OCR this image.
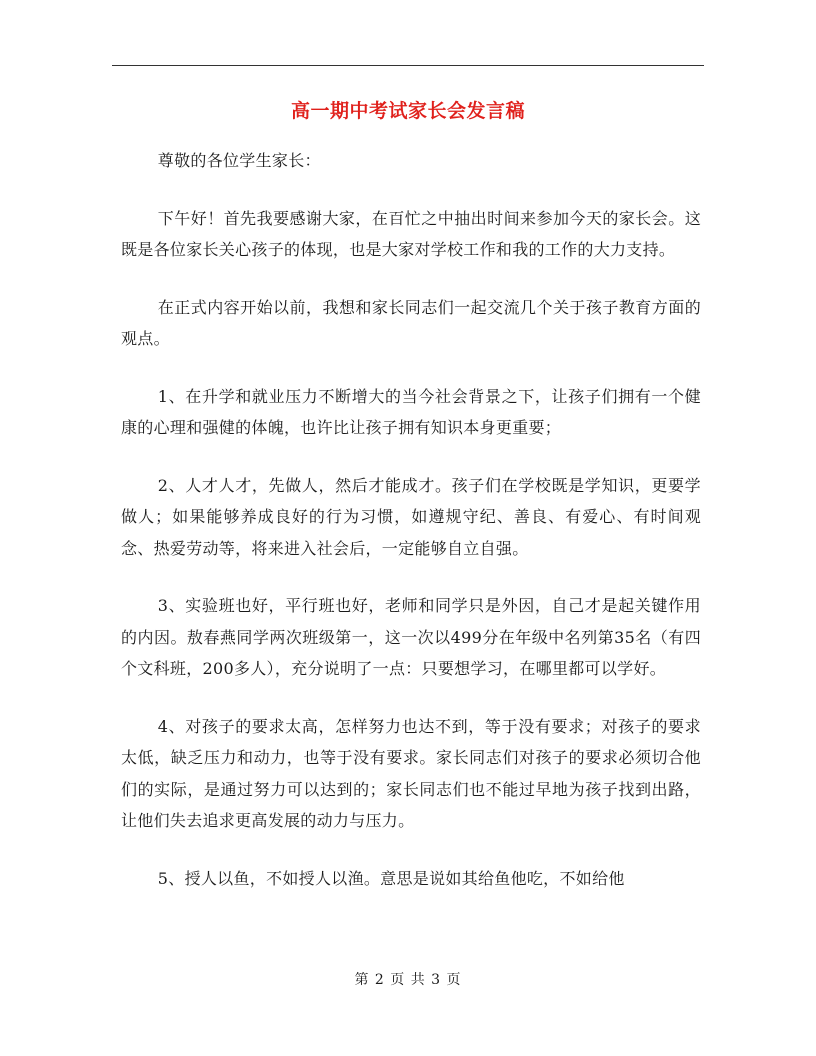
高一期中考试家长会发言稿

尊敬的各位学生家长：

下午好！首先我要感谢大家，在百忙之中抽出时间来参加今天的家长会。这既是各位家长关心孩子的体现，也是大家对学校工作和我的工作的大力支持。

在正式内容开始以前，我想和家长同志们一起交流几个关于孩子教育方面的观点。

1、在升学和就业压力不断增大的当今社会背景之下，让孩子们拥有一个健康的心理和强健的体魄，也许比让孩子拥有知识本身更重要；

2、人才人才，先做人，然后才能成才。孩子们在学校既是学知识，更要学做人；如果能够养成良好的行为习惯，如遵规守纪、善良、有爱心、有时间观念、热爱劳动等，将来进入社会后，一定能够自立自强。

3、实验班也好，平行班也好，老师和同学只是外因，自己才是起关键作用的内因。敖春燕同学两次班级第一，这一次以499分在年级中名列第35名（有四个文科班，200多人），充分说明了一点：只要想学习，在哪里都可以学好。

4、对孩子的要求太高，怎样努力也达不到，等于没有要求；对孩子的要求太低，缺乏压力和动力，也等于没有要求。家长同志们对孩子的要求必须切合他们的实际，是通过努力可以达到的；家长同志们也不能过早地为孩子找到出路，让他们失去追求更高发展的动力与压力。

5、授人以鱼，不如授人以渔。意思是说如其给鱼他吃，不如给他

第 2 页 共 3 页
